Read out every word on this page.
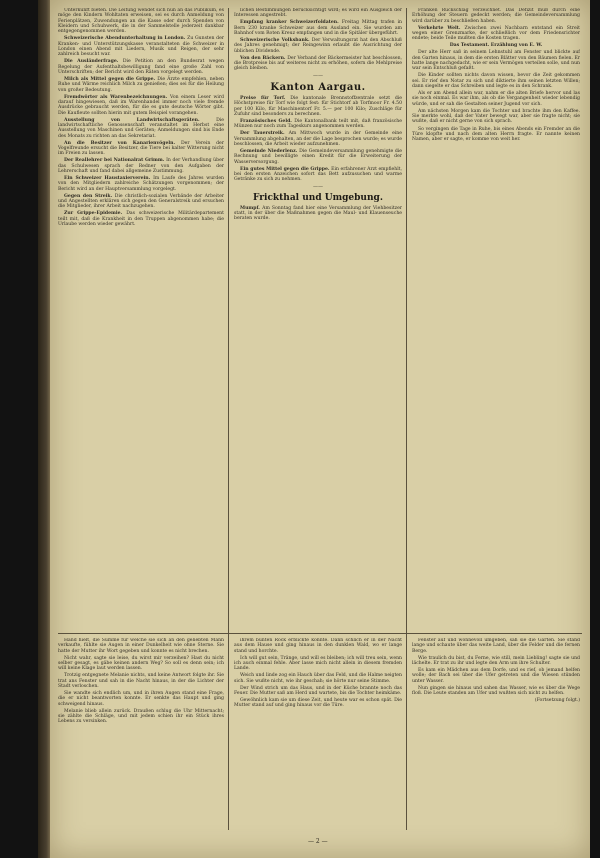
Unterkunft bieten. Die Leitung wendet sich nun an das Publikum, es möge den Kindern Wohltaten erweisen, sei es durch Anmeldung von Ferienplätzen, Zuwendungen an die Kasse oder durch Spenden von Kleidern und Schuhwerk, die in der Sammelstelle jederzeit dankbar entgegengenommen werden.

Schweizerische Abendunterhaltung in London. Zu Gunsten der Kranken- und Unterstützungskasse veranstalteten die Schweizer in London einen Abend mit Liedern, Musik und Reigen, der sehr zahlreich besucht war.

Die Ausländerfrage. Die Petition an den Bundesrat wegen Regelung der Aufenthaltsbewilligung fand eine große Zahl von Unterschriften; der Bericht wird den Räten vorgelegt werden.

Milch als Mittel gegen die Grippe. Die Ärzte empfehlen, neben Ruhe und Wärme reichlich Milch zu genießen; dies sei für die Heilung von großer Bedeutung.

Fremdwörter als Warenbezeichnungen. Von einem Leser wird darauf hingewiesen, daß im Warenhandel immer noch viele fremde Ausdrücke gebraucht werden, für die es gute deutsche Wörter gibt. Die Kaufleute sollten hierin mit gutem Beispiel vorangehen.

Ausstellung von Landwirtschaftsgeräten. Die landwirtschaftliche Genossenschaft veranstaltet im Herbst eine Ausstellung von Maschinen und Geräten; Anmeldungen sind bis Ende des Monats zu richten an das Sekretariat.

An die Besitzer von Kanarienvögeln. Der Verein der Vogelfreunde ersucht die Besitzer, die Tiere bei kalter Witterung nicht im Freien zu lassen.

Der Reallehrer bei Nationalrat Grimm. In der Verhandlung über das Schulwesen sprach der Redner von den Aufgaben der Lehrerschaft und fand dabei allgemeine Zustimmung.

Ein Schweizer Haustaxierverein. Im Laufe des Jahres wurden von den Mitgliedern zahlreiche Schätzungen vorgenommen; der Bericht wird an der Hauptversammlung vorgelegt.

Gegen den Streik. Die christlich-sozialen Verbände der Arbeiter und Angestellten erklären sich gegen den Generalstreik und ersuchen die Mitglieder, ihrer Arbeit nachzugehen.

Zur Grippe-Epidemie. Das schweizerische Militärdepartement teilt mit, daß die Krankheit in den Truppen abgenommen habe; die Urlaube werden wieder gewährt.

lichen Bestimmungen berücksichtigt wird; es wird ein Ausgleich der Interessen angestrebt.

Empfang kranker Schweizerfoldaten. Freitag Mittag trafen in Bern 230 kranke Schweizer aus dem Ausland ein. Sie wurden am Bahnhof vom Roten Kreuz empfangen und in die Spitäler übergeführt.

Schweizerische Volksbank. Der Verwaltungsrat hat den Abschluß des Jahres genehmigt; der Reingewinn erlaubt die Ausrichtung der üblichen Dividende.

Von den Bäckern. Der Verband der Bäckermeister hat beschlossen, die Brotpreise bis auf weiteres nicht zu erhöhen, sofern die Mehlpreise gleich bleiben.

——
Kanton Aargau.

Preise für Torf. Die kantonale Brennstoffzentrale setzt die Höchstpreise für Torf wie folgt fest: für Stichtorf ab Torfmoor Fr. 4.50 per 100 Kilo, für Maschinentorf Fr. 5.— per 100 Kilo; Zuschläge für Zufuhr sind besonders zu berechnen.

Französisches Geld. Die Kantonalbank teilt mit, daß französische Münzen nur noch zum Tageskurs angenommen werden.

Der Tauerstreik. Am Mittwoch wurde in der Gemeinde eine Versammlung abgehalten, an der die Lage besprochen wurde; es wurde beschlossen, die Arbeit wieder aufzunehmen.

Gemeinde Niederlenz. Die Gemeindeversammlung genehmigte die Rechnung und bewilligte einen Kredit für die Erweiterung der Wasserversorgung.

Ein gutes Mittel gegen die Grippe. Ein erfahrener Arzt empfiehlt, bei den ersten Anzeichen sofort das Bett aufzusuchen und warme Getränke zu sich zu nehmen.

——
Frickthal und Umgebung.

Mumpf. Am Sonntag fand hier eine Versammlung der Viehbesitzer statt, in der über die Maßnahmen gegen die Maul- und Klauenseuche beraten wurde.

Franken Rückschlag verzeichnet. Das Defizit muß durch eine Erhöhung der Steuern gedeckt werden; die Gemeindeversammlung wird darüber zu beschließen haben.

Verkehrte Welt. Zwischen zwei Nachbarn entstand ein Streit wegen einer Grenzmarke, der schließlich vor dem Friedensrichter endete; beide Teile mußten die Kosten tragen.

Das Testament. Erzählung von E. W.

Der alte Herr saß in seinem Lehnstuhl am Fenster und blickte auf den Garten hinaus, in dem die ersten Blätter von den Bäumen fielen. Er hatte lange nachgedacht, wie er sein Vermögen verteilen solle, und nun war sein Entschluß gefaßt.

Die Kinder sollten nichts davon wissen, bevor die Zeit gekommen sei. Er rief den Notar zu sich und diktierte ihm seinen letzten Willen; dann siegelte er das Schreiben und legte es in den Schrank.

Als er am Abend allein war, nahm er die alten Briefe hervor und las sie noch einmal. Es war ihm, als ob die Vergangenheit wieder lebendig würde, und er sah die Gestalten seiner Jugend vor sich.

Am nächsten Morgen kam die Tochter und brachte ihm den Kaffee. Sie merkte wohl, daß der Vater bewegt war, aber sie fragte nicht; sie wußte, daß er nicht gerne von sich sprach.

So vergingen die Tage in Ruhe, bis eines Abends ein Fremder an die Türe klopfte und nach dem alten Herrn fragte. Er nannte keinen Namen, aber er sagte, er komme von weit her.

Hand hielt, die Summe für welche sie sich an den geliebten Mann verkaufte, fühlte sie Augen in einer Dunkelheit wie ohne Sterne. Sie hatte der Mutter ihr Wort gegeben und konnte es nicht brechen.

Nicht wahr, sagte sie leise, du wirst mir verzeihen? Hast du nicht selber gesagt, es gäbe keinen andern Weg? So soll es denn sein; ich will keine Klage laut werden lassen.

Trotzig entgegnete Melanie nichts, und keine Antwort folgte ihr. Sie trat ans Fenster und sah in die Nacht hinaus, in der die Lichter der Stadt verloschen.

Sie wandte sich endlich um, und in ihren Augen stand eine Frage, die er nicht beantworten konnte. Er senkte das Haupt und ging schweigend hinaus.

Melanie blieb allein zurück. Draußen schlug die Uhr Mitternacht; sie zählte die Schläge, und mit jedem schien ihr ein Stück ihres Lebens zu versinken.

ihrem bunten Rock erblickte konnte. Dann schlich er in der Nacht aus dem Hause und ging hinaus in den dunklen Wald, wo er lange stand und horchte.

Ich will gut sein, Tränge, und will es bleiben; ich will treu sein, wenn ich auch einmal fehle. Aber lasse mich nicht allein in diesem fremden Lande.

Weich und linde zog ein Hauch über das Feld, und die Halme neigten sich. Sie wußte nicht, wie ihr geschah; sie hörte nur seine Stimme.

Der Wind strich um das Haus, und in der Küche brannte noch das Feuer. Die Mutter saß am Herd und wartete, bis die Tochter heimkäme.

Gewöhnlich kam sie um diese Zeit, und heute war es schon spät. Die Mutter stand auf und ging hinaus vor die Türe.

Fenster auf und wonnevoll umgeben, sah sie die Gärten. Sie stand lange und schaute über das weite Land, über die Felder und die fernen Berge.

Wie traulich du bist, du Ferne, wie still, mein Liebling! sagte sie und lächelte. Er trat zu ihr und legte den Arm um ihre Schulter.

Es kam ein Mädchen aus dem Dorfe, und es rief, ob jemand helfen wolle; der Bach sei über die Ufer getreten und die Wiesen stünden unter Wasser.

Nun gingen sie hinaus und sahen das Wasser, wie es über die Wege floß. Die Leute standen am Ufer und wußten sich nicht zu helfen.

(Fortsetzung folgt.)

— 2 —
